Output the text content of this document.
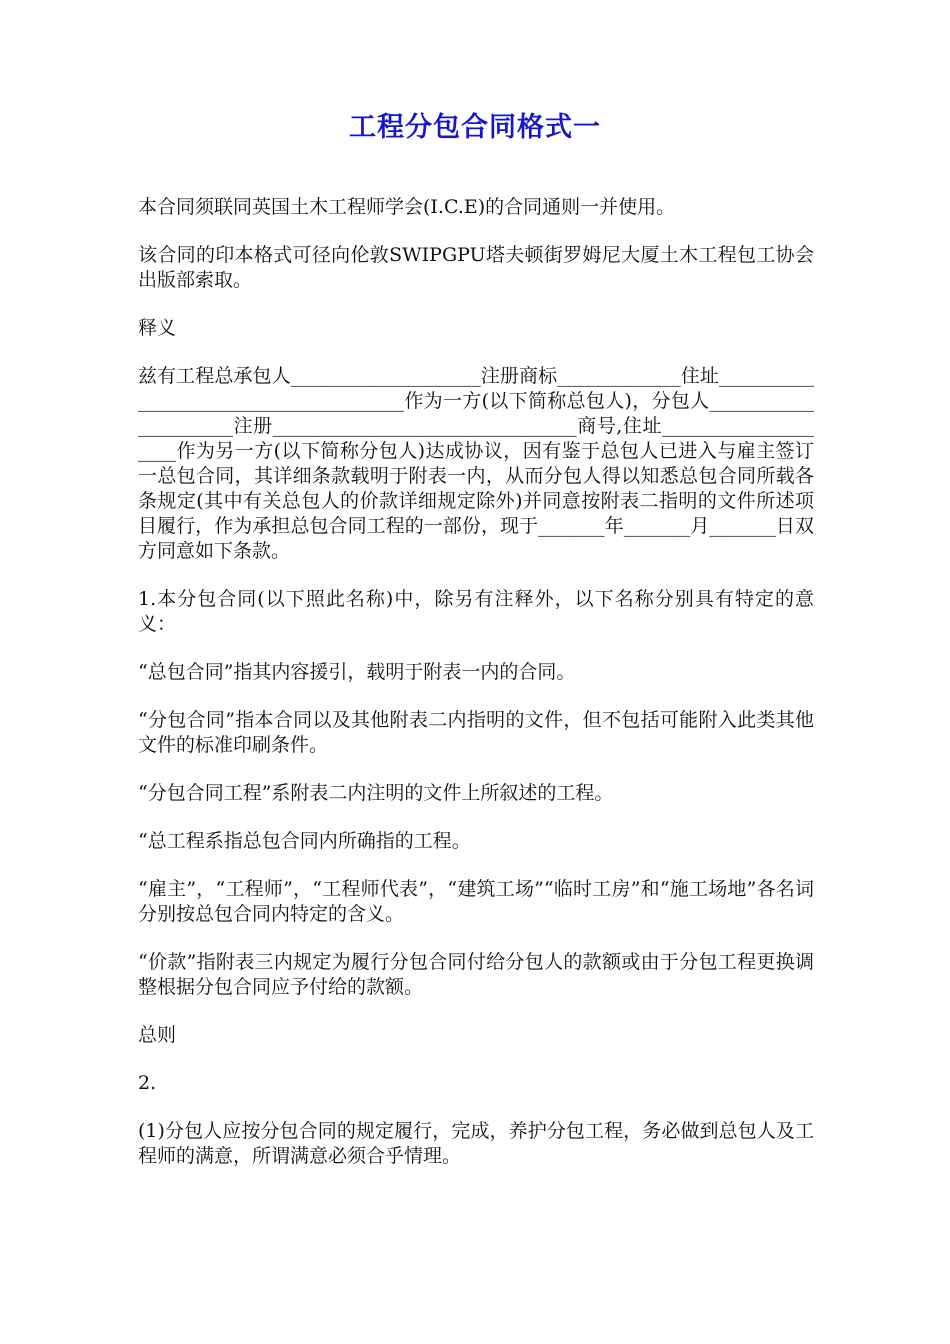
工程分包合同格式一

本合同须联同英国土木工程师学会(I.C.E)的合同通则一并使用。

该合同的印本格式可径向伦敦SWIPGPU塔夫顿街罗姆尼大厦土木工程包工协会出版部索取。

释义

兹有工程总承包人____________________注册商标_____________住址______________________________________作为一方(以下简称总包人)，分包人_____________________注册________________________________商号,住址____________________作为另一方(以下简称分包人)达成协议，因有鉴于总包人已进入与雇主签订一总包合同，其详细条款载明于附表一内，从而分包人得以知悉总包合同所载各条规定(其中有关总包人的价款详细规定除外)并同意按附表二指明的文件所述项目履行，作为承担总包合同工程的一部份，现于_______年_______月_______日双方同意如下条款。

1.本分包合同(以下照此名称)中，除另有注释外，以下名称分别具有特定的意义：

“总包合同”指其内容援引，载明于附表一内的合同。

“分包合同”指本合同以及其他附表二内指明的文件，但不包括可能附入此类其他文件的标准印刷条件。

“分包合同工程”系附表二内注明的文件上所叙述的工程。

“总工程系指总包合同内所确指的工程。

“雇主”，“工程师”，“工程师代表”，“建筑工场”“临时工房”和“施工场地”各名词分别按总包合同内特定的含义。

“价款”指附表三内规定为履行分包合同付给分包人的款额或由于分包工程更换调整根据分包合同应予付给的款额。

总则

2.

(1)分包人应按分包合同的规定履行，完成，养护分包工程，务必做到总包人及工程师的满意，所谓满意必须合乎情理。
